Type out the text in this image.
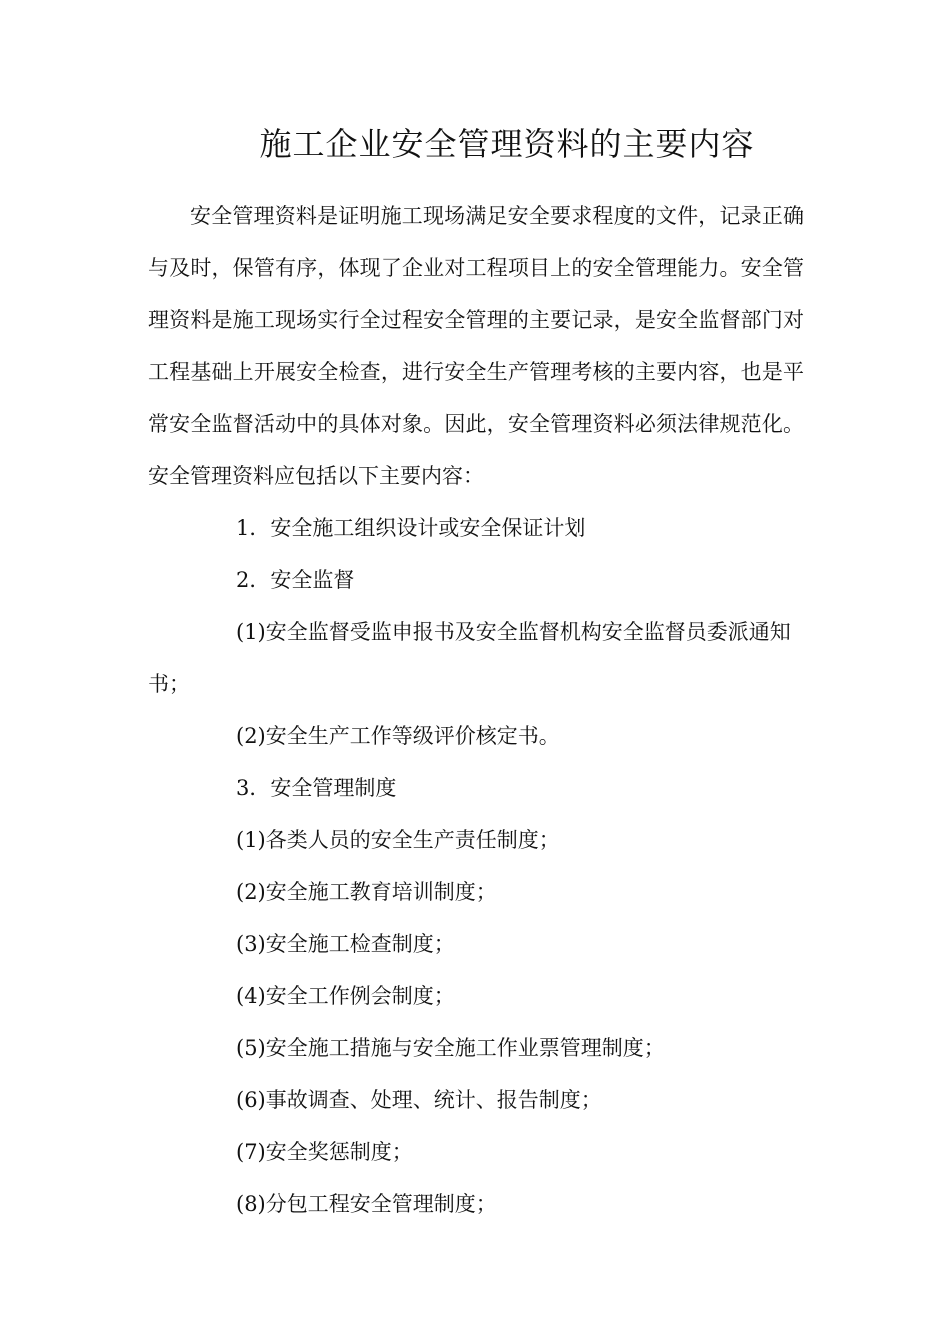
施工企业安全管理资料的主要内容

安全管理资料是证明施工现场满足安全要求程度的文件，记录正确与及时，保管有序，体现了企业对工程项目上的安全管理能力。安全管理资料是施工现场实行全过程安全管理的主要记录，是安全监督部门对工程基础上开展安全检查，进行安全生产管理考核的主要内容，也是平常安全监督活动中的具体对象。因此，安全管理资料必须法律规范化。安全管理资料应包括以下主要内容：

1．安全施工组织设计或安全保证计划
2．安全监督
(1)安全监督受监申报书及安全监督机构安全监督员委派通知书；
(2)安全生产工作等级评价核定书。
3．安全管理制度
(1)各类人员的安全生产责任制度；
(2)安全施工教育培训制度；
(3)安全施工检查制度；
(4)安全工作例会制度；
(5)安全施工措施与安全施工作业票管理制度；
(6)事故调查、处理、统计、报告制度；
(7)安全奖惩制度；
(8)分包工程安全管理制度；
